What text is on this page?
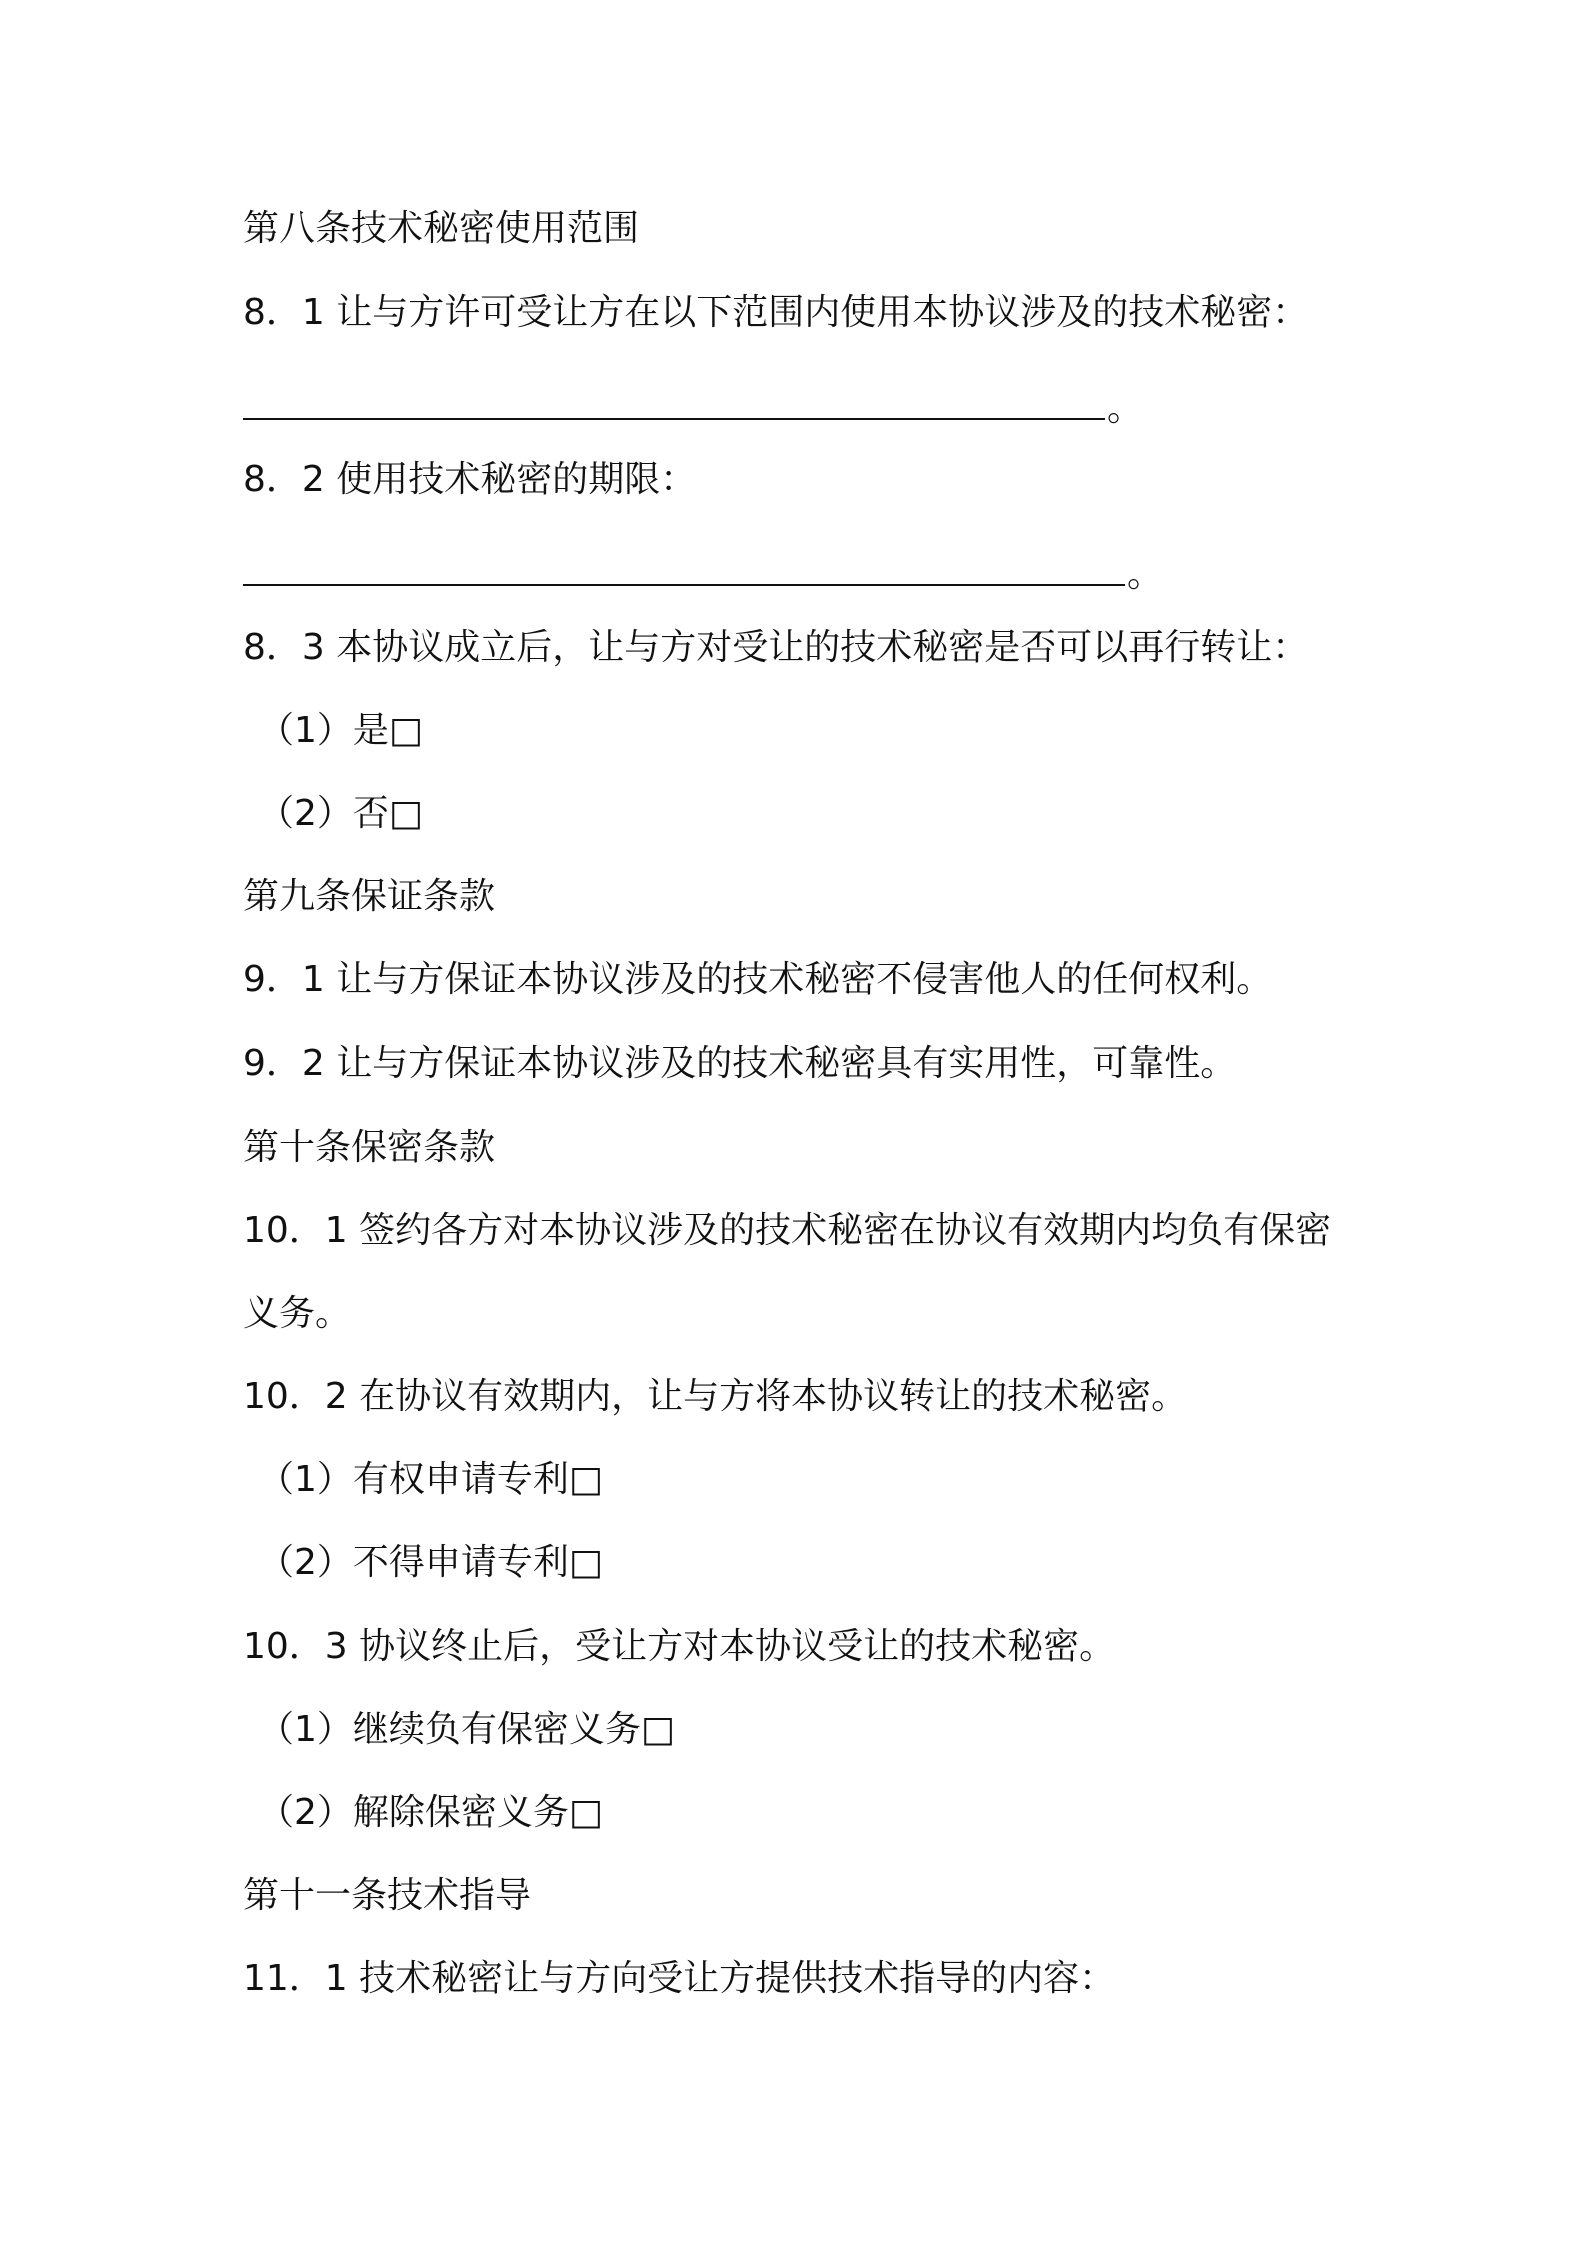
第八条技术秘密使用范围
8．1 让与方许可受让方在以下范围内使用本协议涉及的技术秘密：
。
8．2 使用技术秘密的期限：
。
8．3 本协议成立后，让与方对受让的技术秘密是否可以再行转让：
（1）是□
（2）否□
第九条保证条款
9．1 让与方保证本协议涉及的技术秘密不侵害他人的任何权利。
9．2 让与方保证本协议涉及的技术秘密具有实用性，可靠性。
第十条保密条款
10．1 签约各方对本协议涉及的技术秘密在协议有效期内均负有保密
义务。
10．2 在协议有效期内，让与方将本协议转让的技术秘密。
（1）有权申请专利□
（2）不得申请专利□
10．3 协议终止后，受让方对本协议受让的技术秘密。
（1）继续负有保密义务□
（2）解除保密义务□
第十一条技术指导
11．1 技术秘密让与方向受让方提供技术指导的内容：
